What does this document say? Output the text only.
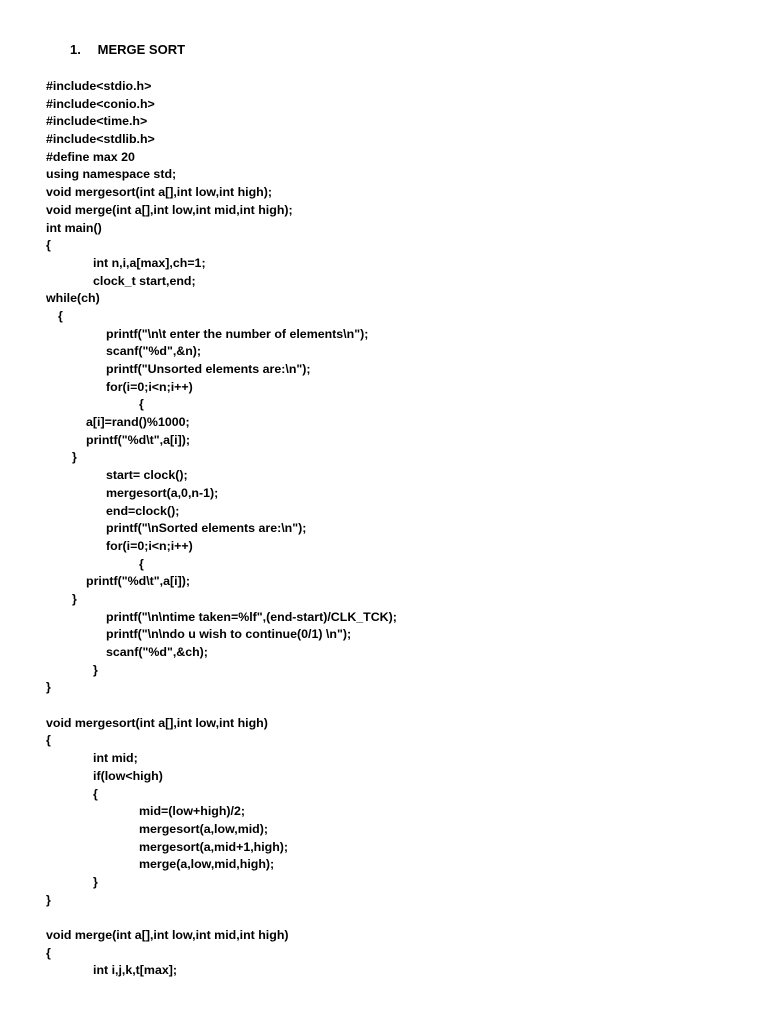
1. MERGE SORT
#include<stdio.h>
#include<conio.h>
#include<time.h>
#include<stdlib.h>
#define max 20
using namespace std;
void mergesort(int a[],int low,int high);
void merge(int a[],int low,int mid,int high);
int main()
{
int n,i,a[max],ch=1;
clock_t start,end;
while(ch)
{
printf("\n\t enter the number of elements\n");
scanf("%d",&n);
printf("Unsorted elements are:\n");
for(i=0;i<n;i++)
{
a[i]=rand()%1000;
printf("%d\t",a[i]);
}
start= clock();
mergesort(a,0,n-1);
end=clock();
printf("\nSorted elements are:\n");
for(i=0;i<n;i++)
{
printf("%d\t",a[i]);
}
printf("\n\ntime taken=%lf",(end-start)/CLK_TCK);
printf("\n\ndo u wish to continue(0/1) \n");
scanf("%d",&ch);
}
}
void mergesort(int a[],int low,int high)
{
int mid;
if(low<high)
{
mid=(low+high)/2;
mergesort(a,low,mid);
mergesort(a,mid+1,high);
merge(a,low,mid,high);
}
}
void merge(int a[],int low,int mid,int high)
{
int i,j,k,t[max];
